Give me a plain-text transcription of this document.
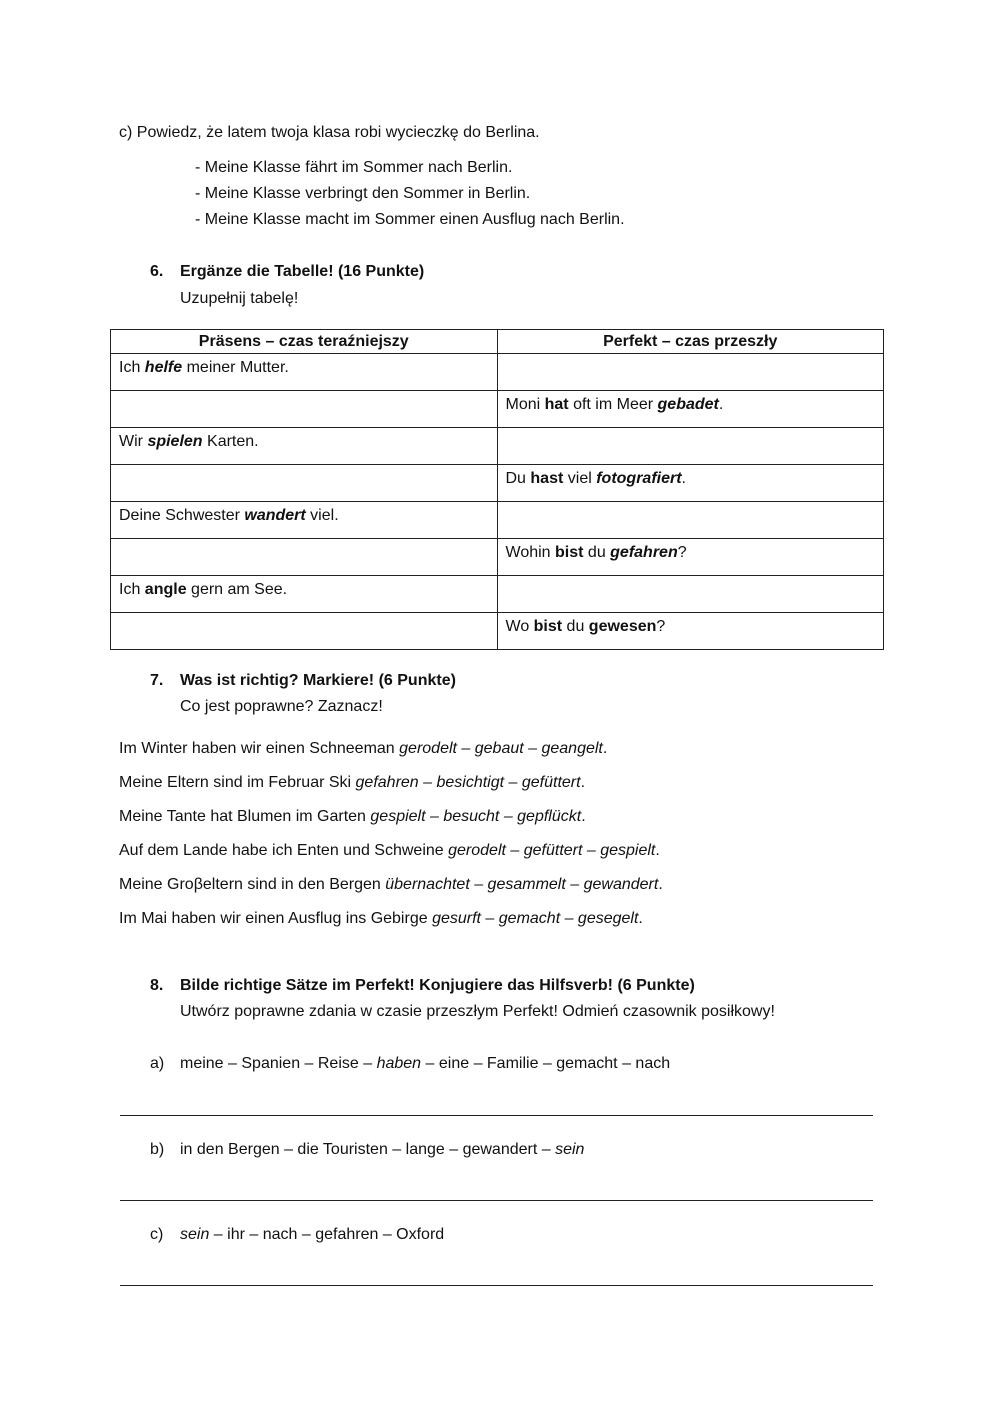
c) Powiedz, że latem twoja klasa robi wycieczkę do Berlina.
- Meine Klasse fährt im Sommer nach Berlin.
- Meine Klasse verbringt den Sommer in Berlin.
- Meine Klasse macht im Sommer einen Ausflug nach Berlin.
6. Ergänze die Tabelle! (16 Punkte)
Uzupełnij tabelę!
Präsens – czas teraźniejszy	Perfekt – czas przeszły
Ich helfe meiner Mutter.	
	Moni hat oft im Meer gebadet.
Wir spielen Karten.	
	Du hast viel fotografiert.
Deine Schwester wandert viel.	
	Wohin bist du gefahren?
Ich angle gern am See.	
	Wo bist du gewesen?
7. Was ist richtig? Markiere! (6 Punkte)
Co jest poprawne? Zaznacz!
Im Winter haben wir einen Schneeman gerodelt – gebaut – geangelt.
Meine Eltern sind im Februar Ski gefahren – besichtigt – gefüttert.
Meine Tante hat Blumen im Garten gespielt – besucht – gepflückt.
Auf dem Lande habe ich Enten und Schweine gerodelt – gefüttert – gespielt.
Meine Groβeltern sind in den Bergen übernachtet – gesammelt – gewandert.
Im Mai haben wir einen Ausflug ins Gebirge gesurft – gemacht – gesegelt.
8. Bilde richtige Sätze im Perfekt! Konjugiere das Hilfsverb! (6 Punkte)
Utwórz poprawne zdania w czasie przeszłym Perfekt! Odmień czasownik posiłkowy!
a) meine – Spanien – Reise – haben – eine – Familie – gemacht – nach
b) in den Bergen – die Touristen – lange – gewandert – sein
c) sein – ihr – nach – gefahren – Oxford
